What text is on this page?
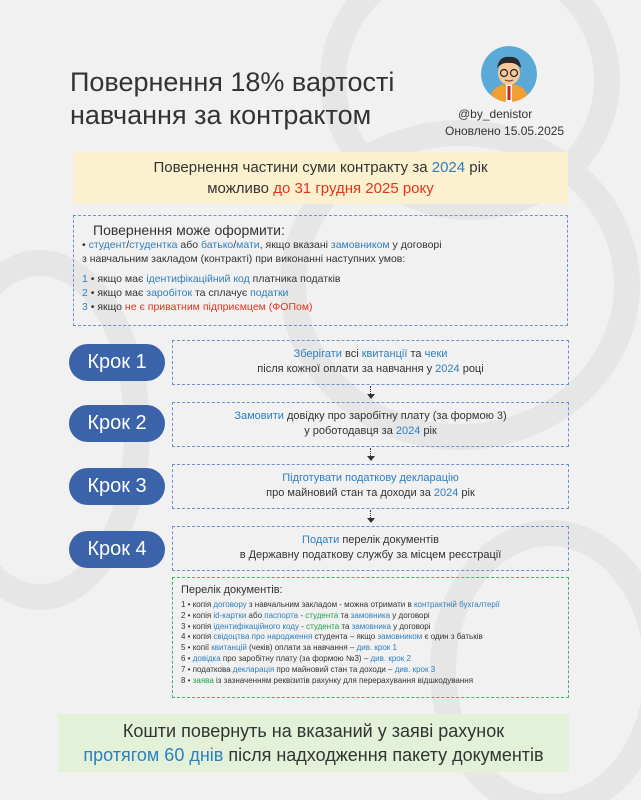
Повернення 18% вартості
навчання за контрактом	@by_denistor
Оновлено 15.05.2025
Повернення частини суми контракту за 2024 рік
можливо до 31 грудня 2025 року
Повернення може оформити:
• студент/студентка або батько/мати, якщо вказані замовником у договорі
з навчальним закладом (контракті) при виконанні наступних умов:
1 • якщо має ідентифікаційний код платника податків
2 • якщо має заробіток та сплачує податки
3 • якщо не є приватним підприємцем (ФОПом)
Крок 1	Зберігати всі квитанції та чеки
після кожної оплати за навчання у 2024 році
Крок 2	Замовити довідку про заробітну плату (за формою 3)
у роботодавця за 2024 рік
Крок 3	Підготувати податкову декларацію
про майновий стан та доходи за 2024 рік
Крок 4	Подати перелік документів
в Державну податкову службу за місцем реєстрації
Перелік документів:
1 • копія договору з навчальним закладом - можна отримати в контрактній бухгалтерії
2 • копія id-картки або паспорта - студента та замовника у договорі
3 • копія ідентифікаційного коду - студента та замовника у договорі
4 • копія свідоцтва про народження студента – якщо замовником є один з батьків
5 • копії квитанцій (чеків) оплати за навчання – див. крок 1
6 • довідка про заробітну плату (за формою №3) – див. крок 2
7 • податкова декларація про майновий стан та доходи – див. крок 3
8 • заява із зазначенням реквізитів рахунку для перерахування відшкодування
Кошти повернуть на вказаний у заяві рахунок
протягом 60 днів після надходження пакету документів
